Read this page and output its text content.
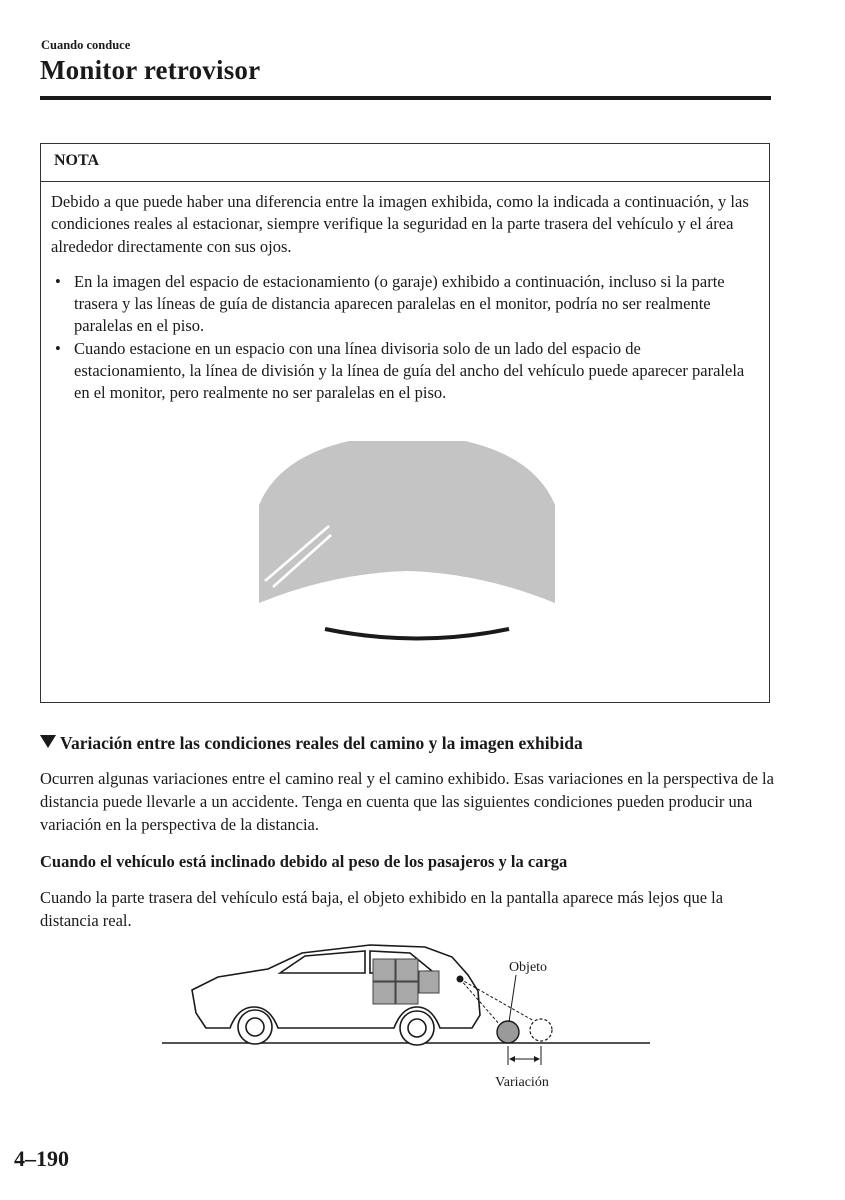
Cuando conduce
Monitor retrovisor
NOTA

Debido a que puede haber una diferencia entre la imagen exhibida, como la indicada a continuación, y las condiciones reales al estacionar, siempre verifique la seguridad en la parte trasera del vehículo y el área alrededor directamente con sus ojos.

• En la imagen del espacio de estacionamiento (o garaje) exhibido a continuación, incluso si la parte trasera y las líneas de guía de distancia aparecen paralelas en el monitor, podría no ser realmente paralelas en el piso.
• Cuando estacione en un espacio con una línea divisoria solo de un lado del espacio de estacionamiento, la línea de división y la línea de guía del ancho del vehículo puede aparecer paralela en el monitor, pero realmente no ser paralelas en el piso.
Compruebe los alrededores por seguridad
Variación entre las condiciones reales del camino y la imagen exhibida

Ocurren algunas variaciones entre el camino real y el camino exhibido. Esas variaciones en la perspectiva de la distancia puede llevarle a un accidente. Tenga en cuenta que las siguientes condiciones pueden producir una variación en la perspectiva de la distancia.

Cuando el vehículo está inclinado debido al peso de los pasajeros y la carga

Cuando la parte trasera del vehículo está baja, el objeto exhibido en la pantalla aparece más lejos que la distancia real.

Objeto
Variación
4–190
